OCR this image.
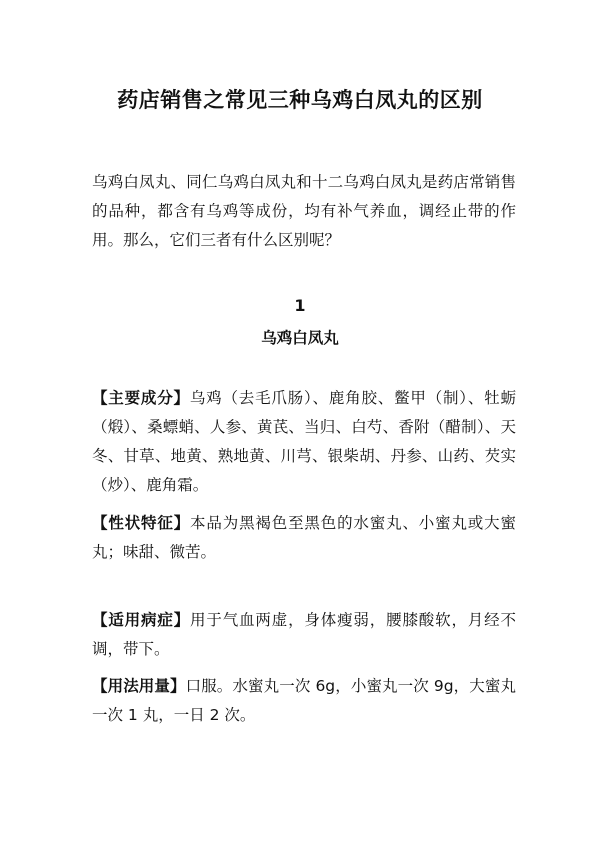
药店销售之常见三种乌鸡白凤丸的区别
乌鸡白凤丸、同仁乌鸡白凤丸和十二乌鸡白凤丸是药店常销售的品种，都含有乌鸡等成份，均有补气养血，调经止带的作用。那么，它们三者有什么区别呢？
1
乌鸡白凤丸
【主要成分】乌鸡（去毛爪肠）、鹿角胶、鳖甲（制）、牡蛎（煅）、桑螵蛸、人参、黄芪、当归、白芍、香附（醋制）、天冬、甘草、地黄、熟地黄、川芎、银柴胡、丹参、山药、芡实（炒）、鹿角霜。
【性状特征】本品为黑褐色至黑色的水蜜丸、小蜜丸或大蜜丸；味甜、微苦。
【适用病症】用于气血两虚，身体瘦弱，腰膝酸软，月经不调，带下。
【用法用量】口服。水蜜丸一次 6g，小蜜丸一次 9g，大蜜丸一次 1 丸，一日 2 次。
